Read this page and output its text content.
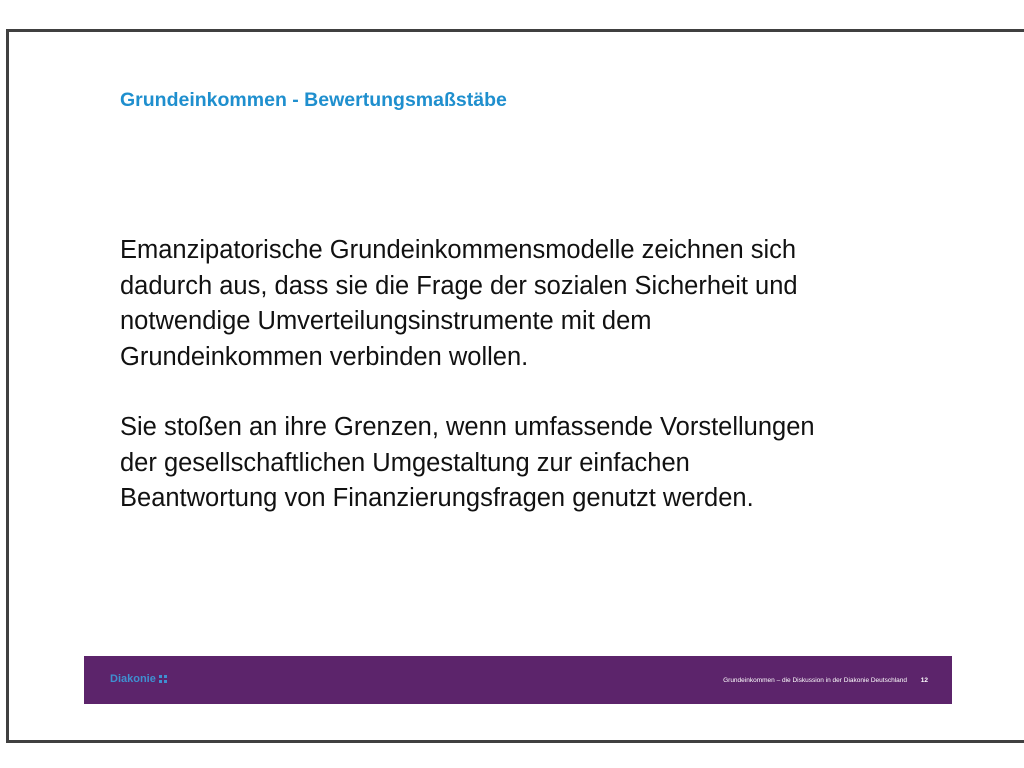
Grundeinkommen - Bewertungsmaßstäbe

Emanzipatorische Grundeinkommensmodelle zeichnen sich
dadurch aus, dass sie die Frage der sozialen Sicherheit und
notwendige Umverteilungsinstrumente mit dem
Grundeinkommen verbinden wollen.

Sie stoßen an ihre Grenzen, wenn umfassende Vorstellungen
der gesellschaftlichen Umgestaltung zur einfachen
Beantwortung von Finanzierungsfragen genutzt werden.

Diakonie	Grundeinkommen – die Diskussion in der Diakonie Deutschland 12
